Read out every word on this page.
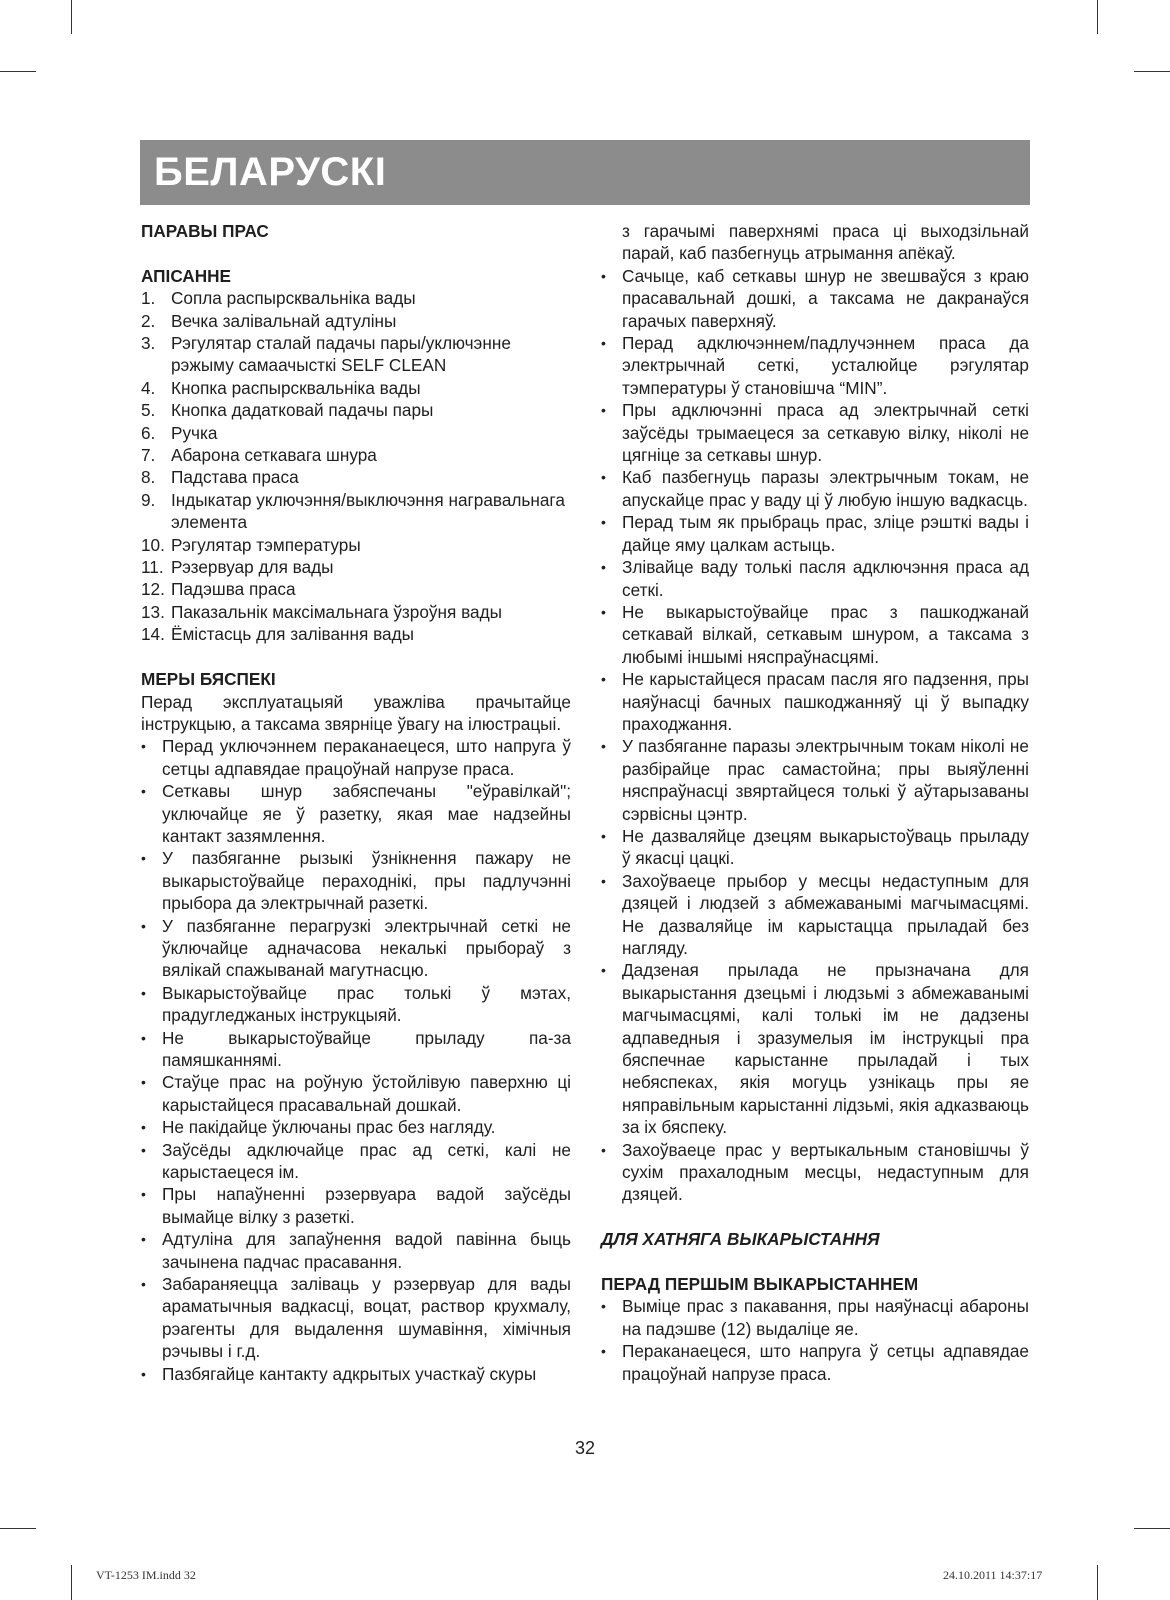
БЕЛАРУСКІ

ПАРАВЫ ПРАС

АПІСАННЕ

1. Сопла распырсквальніка вады
2. Вечка залівальнай адтуліны
3. Рэгулятар сталай падачы пары/уключэнне рэжыму самаачысткі SELF CLEAN
4. Кнопка распырсквальніка вады
5. Кнопка дадатковай падачы пары
6. Ручка
7. Абарона сеткавага шнура
8. Падстава праса
9. Індыкатар уключэння/выключэння награвальнага элемента
10. Рэгулятар тэмпературы
11. Рэзервуар для вады
12. Падэшва праса
13. Паказальнік максімальнага ўзроўня вады
14. Ёмістасць для залівання вады

МЕРЫ БЯСПЕКІ

Перад эксплуатацыяй уважліва прачытайце інструкцыю, а таксама звярніце ўвагу на ілюстрацыі.

• Перад уключэннем пераканаецеся, што напруга ў сетцы адпавядае працоўнай напрузе праса.
• Сеткавы шнур забяспечаны "еўравілкай"; уключайце яе ў разетку, якая мае надзейны кантакт зазямлення.
• У пазбяганне рызыкі ўзнікнення пажару не выкарыстоўвайце пераходнікі, пры падлучэнні прыбора да электрычнай разеткі.
• У пазбяганне перагрузкі электрычнай сеткі не ўключайце адначасова некалькі прыбораў з вялікай спажыванай магутнасцю.
• Выкарыстоўвайце прас толькі ў мэтах, прадугледжаных інструкцыяй.
• Не выкарыстоўвайце прыладу па-за памяшканнямі.
• Стаўце прас на роўную ўстойлівую паверхню ці карыстайцеся прасавальнай дошкай.
• Не пакідайце ўключаны прас без нагляду.
• Заўсёды адключайце прас ад сеткі, калі не карыстаецеся ім.
• Пры напаўненні рэзервуара вадой заўсёды вымайце вілку з разеткі.
• Адтуліна для запаўнення вадой павінна быць зачынена падчас прасавання.
• Забараняецца заліваць у рэзервуар для вады араматычныя вадкасці, воцат, раствор крухмалу, рэагенты для выдалення шумавіння, хімічныя рэчывы і г.д.
• Пазбягайце кантакту адкрытых участкаў скуры
з гарачымі паверхнямі праса ці выходзільнай парай, каб пазбегнуць атрымання апёкаў.
• Сачыце, каб сеткавы шнур не звешваўся з краю прасавальнай дошкі, а таксама не дакранаўся гарачых паверхняў.
• Перад адключэннем/падлучэннем праса да электрычнай сеткі, усталюйце рэгулятар тэмпературы ў становішча “MIN”.
• Пры адключэнні праса ад электрычнай сеткі заўсёды трымаецеся за сеткавую вілку, ніколі не цягніце за сеткавы шнур.
• Каб пазбегнуць паразы электрычным токам, не апускайце прас у ваду ці ў любую іншую вадкасць.
• Перад тым як прыбраць прас, зліце рэшткі вады і дайце яму цалкам астыць.
• Злівайце ваду толькі пасля адключэння праса ад сеткі.
• Не выкарыстоўвайце прас з пашкоджанай сеткавай вілкай, сеткавым шнуром, а таксама з любымі іншымі няспраўнасцямі.
• Не карыстайцеся прасам пасля яго падзення, пры наяўнасці бачных пашкоджанняў ці ў выпадку праходжання.
• У пазбяганне паразы электрычным токам ніколі не разбірайце прас самастойна; пры выяўленні няспраўнасці звяртайцеся толькі ў аўтарызаваны сэрвісны цэнтр.
• Не дазваляйце дзецям выкарыстоўваць прыладу ў якасці цацкі.
• Захоўваеце прыбор у месцы недаступным для дзяцей і людзей з абмежаванымі магчымасцямі. Не дазваляйце ім карыстацца прыладай без нагляду.
• Дадзеная прылада не прызначана для выкарыстання дзецьмі і людзьмі з абмежаванымі магчымасцямі, калі толькі ім не дадзены адпаведныя і зразумелыя ім інструкцыі пра бяспечнае карыстанне прыладай і тых небяспеках, якія могуць узнікаць пры яе няправільным карыстанні лідзьмі, якія адказваюць за іх бяспеку.
• Захоўваеце прас у вертыкальным становішчы ў сухім прахалодным месцы, недаступным для дзяцей.

ДЛЯ ХАТНЯГА ВЫКАРЫСТАННЯ

ПЕРАД ПЕРШЫМ ВЫКАРЫСТАННЕМ

• Выміце прас з пакавання, пры наяўнасці абароны на падэшве (12) выдаліце яе.
• Пераканаецеся, што напруга ў сетцы адпавядае працоўнай напрузе праса.
32
VT-1253 IM.indd 32	24.10.2011 14:37:17
